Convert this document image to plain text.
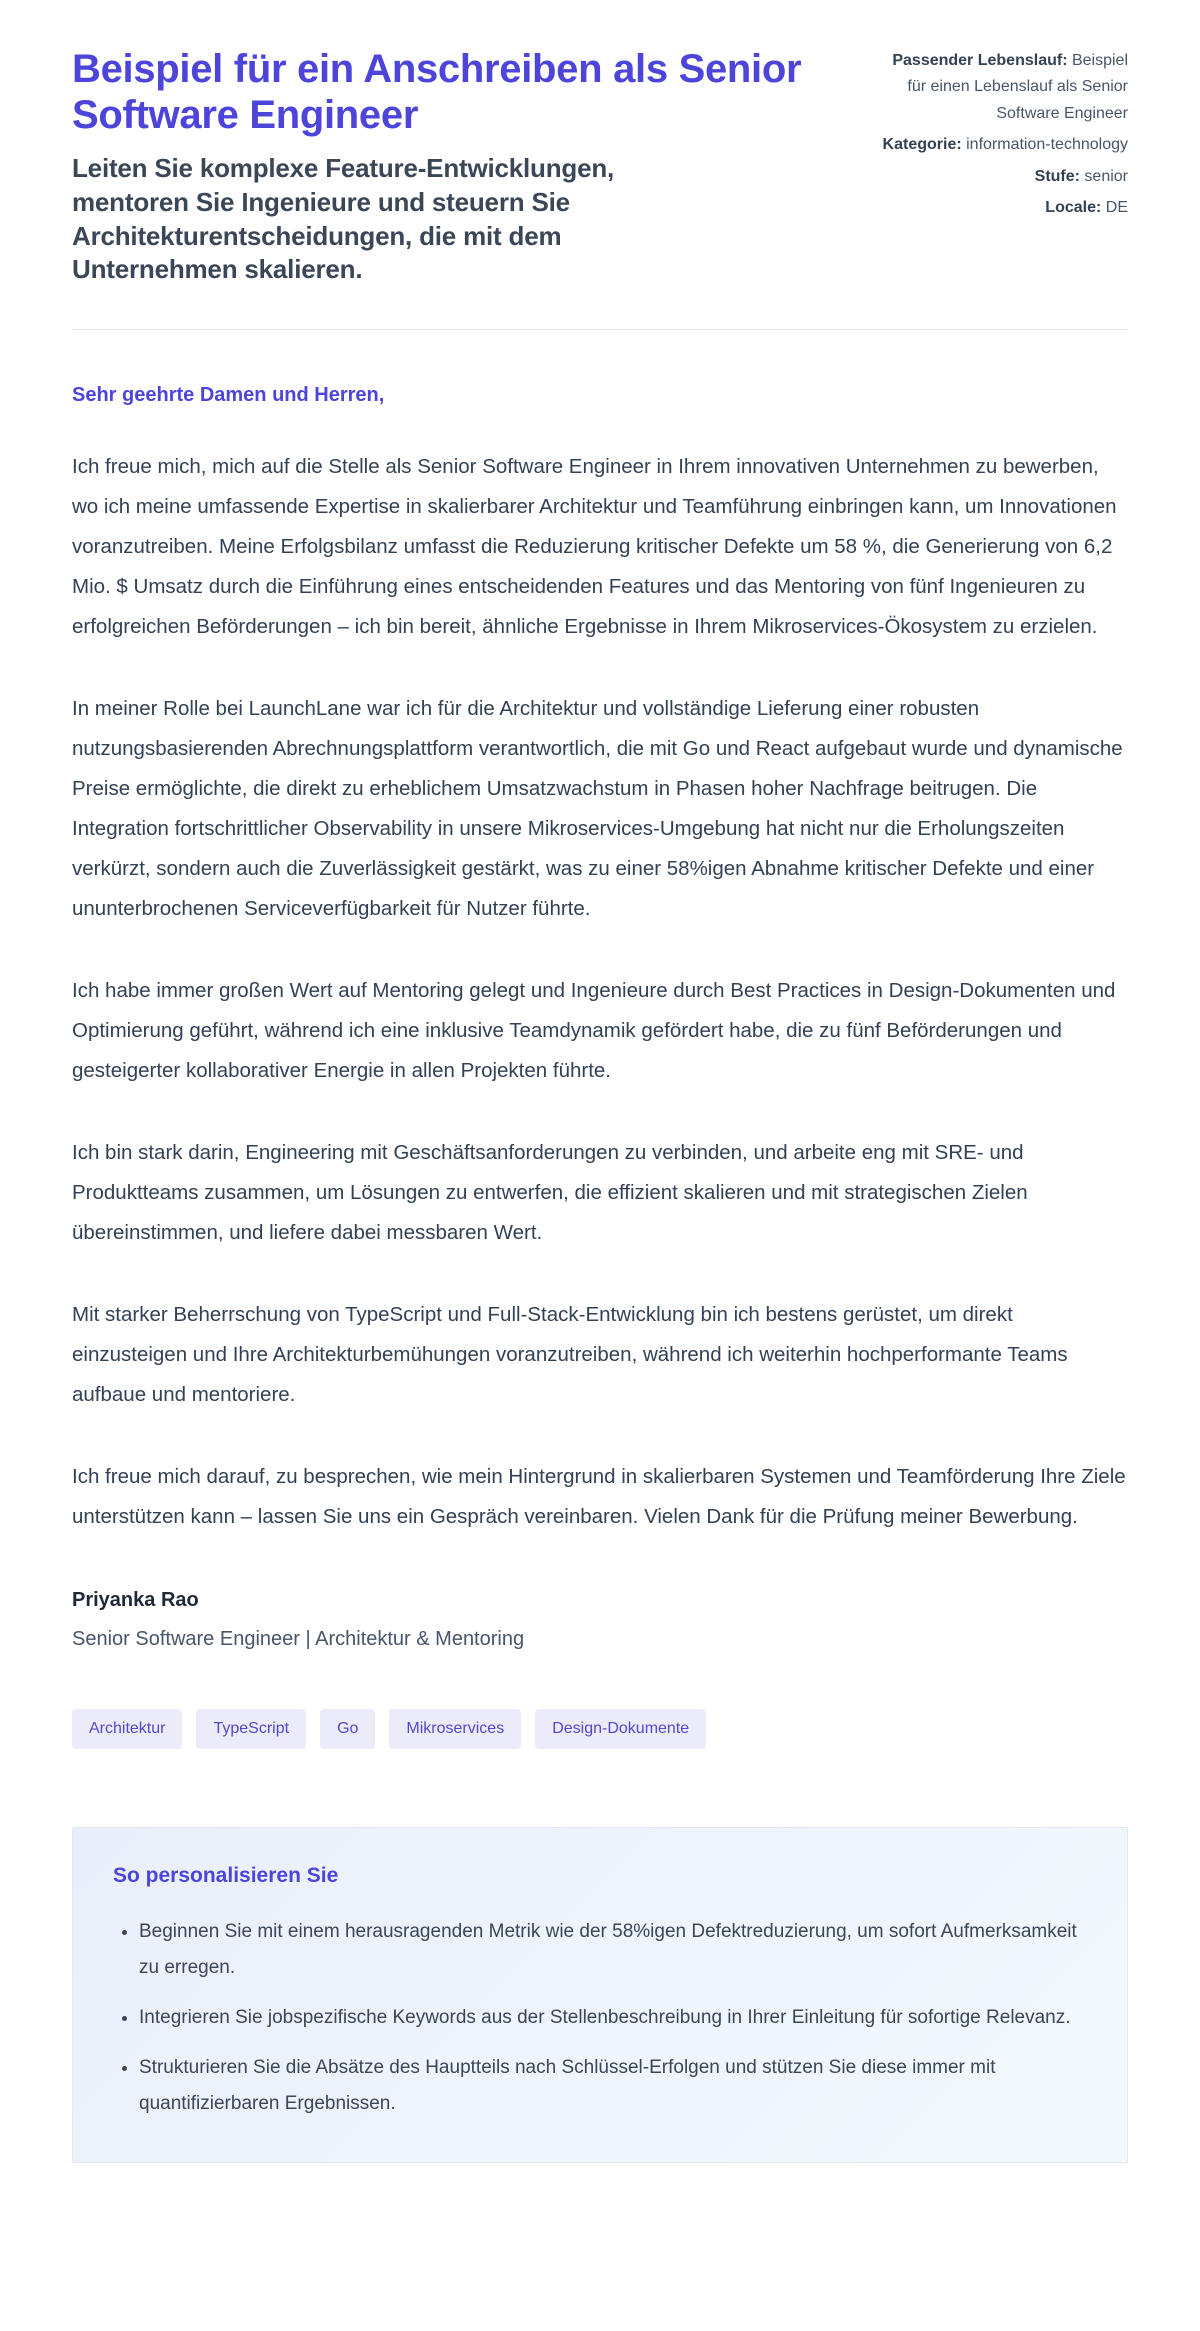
Beispiel für ein Anschreiben als Senior Software Engineer

Leiten Sie komplexe Feature-Entwicklungen, mentoren Sie Ingenieure und steuern Sie Architekturentscheidungen, die mit dem Unternehmen skalieren.

Passender Lebenslauf: Beispiel für einen Lebenslauf als Senior Software Engineer
Kategorie: information-technology
Stufe: senior
Locale: DE

Sehr geehrte Damen und Herren,

Ich freue mich, mich auf die Stelle als Senior Software Engineer in Ihrem innovativen Unternehmen zu bewerben, wo ich meine umfassende Expertise in skalierbarer Architektur und Teamführung einbringen kann, um Innovationen voranzutreiben. Meine Erfolgsbilanz umfasst die Reduzierung kritischer Defekte um 58 %, die Generierung von 6,2 Mio. $ Umsatz durch die Einführung eines entscheidenden Features und das Mentoring von fünf Ingenieuren zu erfolgreichen Beförderungen – ich bin bereit, ähnliche Ergebnisse in Ihrem Mikroservices-Ökosystem zu erzielen.

In meiner Rolle bei LaunchLane war ich für die Architektur und vollständige Lieferung einer robusten nutzungsbasierenden Abrechnungsplattform verantwortlich, die mit Go und React aufgebaut wurde und dynamische Preise ermöglichte, die direkt zu erheblichem Umsatzwachstum in Phasen hoher Nachfrage beitrugen. Die Integration fortschrittlicher Observability in unsere Mikroservices-Umgebung hat nicht nur die Erholungszeiten verkürzt, sondern auch die Zuverlässigkeit gestärkt, was zu einer 58%igen Abnahme kritischer Defekte und einer ununterbrochenen Serviceverfügbarkeit für Nutzer führte.

Ich habe immer großen Wert auf Mentoring gelegt und Ingenieure durch Best Practices in Design-Dokumenten und Optimierung geführt, während ich eine inklusive Teamdynamik gefördert habe, die zu fünf Beförderungen und gesteigerter kollaborativer Energie in allen Projekten führte.

Ich bin stark darin, Engineering mit Geschäftsanforderungen zu verbinden, und arbeite eng mit SRE- und Produktteams zusammen, um Lösungen zu entwerfen, die effizient skalieren und mit strategischen Zielen übereinstimmen, und liefere dabei messbaren Wert.

Mit starker Beherrschung von TypeScript und Full-Stack-Entwicklung bin ich bestens gerüstet, um direkt einzusteigen und Ihre Architekturbemühungen voranzutreiben, während ich weiterhin hochperformante Teams aufbaue und mentoriere.

Ich freue mich darauf, zu besprechen, wie mein Hintergrund in skalierbaren Systemen und Teamförderung Ihre Ziele unterstützen kann – lassen Sie uns ein Gespräch vereinbaren. Vielen Dank für die Prüfung meiner Bewerbung.

Priyanka Rao

Senior Software Engineer | Architektur & Mentoring

Architektur	TypeScript	Go	Mikroservices	Design-Dokumente
So personalisieren Sie
• Beginnen Sie mit einem herausragenden Metrik wie der 58%igen Defektreduzierung, um sofort Aufmerksamkeit zu erregen.
• Integrieren Sie jobspezifische Keywords aus der Stellenbeschreibung in Ihrer Einleitung für sofortige Relevanz.
• Strukturieren Sie die Absätze des Hauptteils nach Schlüssel-Erfolgen und stützen Sie diese immer mit quantifizierbaren Ergebnissen.
